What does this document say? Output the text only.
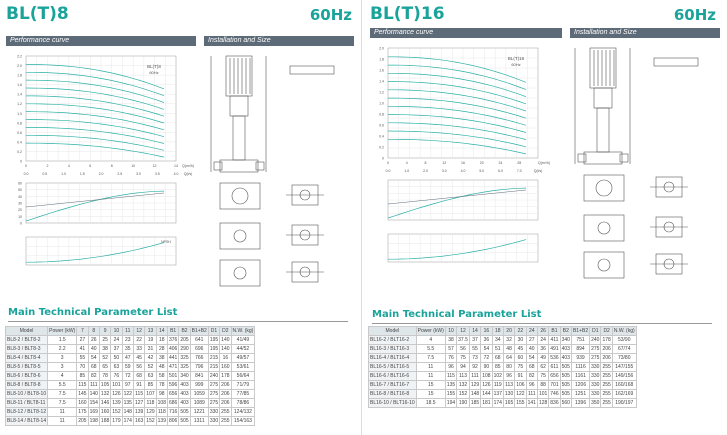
BL(T)8	60Hz
Performance curve	Installation and Size
0
0.2
0.4
0.6
0.8
1.0
1.2
1.4
1.6
1.8
2.0
2.2
BL(T)8
60Hz
0	2	4	6	8	10	12	14
0.0	0.5	1.0	1.5	2.0	2.5	3.0	3.5	4.0
Q(m³/h)
Q(l/s)
0
10
20
30
40
50
60
NPSH
Main Technical Parameter List
Model	Power (kW)	7	8	9	10	11	12	13	14	B1	B2	B1+B2	D1	D2	N.W. (kg)
BL8-2 / BLT8-2	1.5	27	26	25	24	23	22	19	18	376	205	641	195	140	41/49
BL8-3 / BLT8-3	2.2	41	40	38	37	35	33	31	28	406	290	696	195	140	44/52
BL8-4 / BLT8-4	3	55	54	52	50	47	45	42	38	441	325	766	215	16	49/57
BL8-5 / BLT8-5	3	70	68	65	63	59	56	52	48	471	325	796	215	160	53/61
BL8-6 / BLT8-6	4	85	82	78	76	72	68	63	58	501	340	841	240	178	56/64
BL8-8 / BLT8-8	5.5	115	111	105	101	97	91	85	78	596	403	999	275	206	71/79
BL8-10 / BLT8-10	7.5	145	140	132	126	122	115	107	98	656	403	1059	275	206	77/85
BL8-11 / BLT8-11	7.5	160	154	146	139	135	127	118	108	686	403	1089	275	206	78/86
BL8-12 / BLT8-12	11	175	169	160	152	148	139	129	118	716	505	1221	330	255	124/132
BL8-14 / BLT8-14	11	205	198	188	179	174	163	152	139	806	505	1311	330	255	154/163
BL(T)16	60Hz
Performance curve	Installation and Size
0
0.2
0.4
0.6
0.8
1.0
1.2
1.4
1.6
1.8
2.0
BL(T)16
60Hz
0	4	8	12	16	20	24	28	Q(m³/h)
0.0	1.0	2.0	3.0	4.0	5.0	6.0	7.0	Q(l/s)
Main Technical Parameter List
Model	Power (kW)	10	12	14	16	18	20	22	24	26	B1	B2	B1+B2	D1	D2	N.W. (kg)
BL16-2 / BLT16-2	4	38	37.5	37	36	34	32	30	27	24	411	340	751	240	178	53/90
BL16-3 / BLT16-3	5.5	57	56	55	54	51	48	45	40	36	491	403	894	275	206	67/74
BL16-4 / BLT16-4	7.5	76	75	73	72	68	64	60	54	49	536	403	939	275	206	73/80
BL16-5 / BLT16-5	11	96	94	92	90	85	80	75	68	62	611	505	1116	330	255	147/155
BL16-6 / BLT16-6	11	115	113	111	108	102	96	91	82	75	656	505	1161	330	255	149/156
BL16-7 / BLT16-7	15	135	132	129	126	119	113	106	96	88	701	505	1206	330	255	160/168
BL16-8 / BLT16-8	15	155	152	148	144	137	130	122	111	101	746	505	1251	330	255	162/169
BL16-10 / BLT16-10	18.5	194	190	185	181	174	165	155	141	128	836	560	1396	350	255	190/197
